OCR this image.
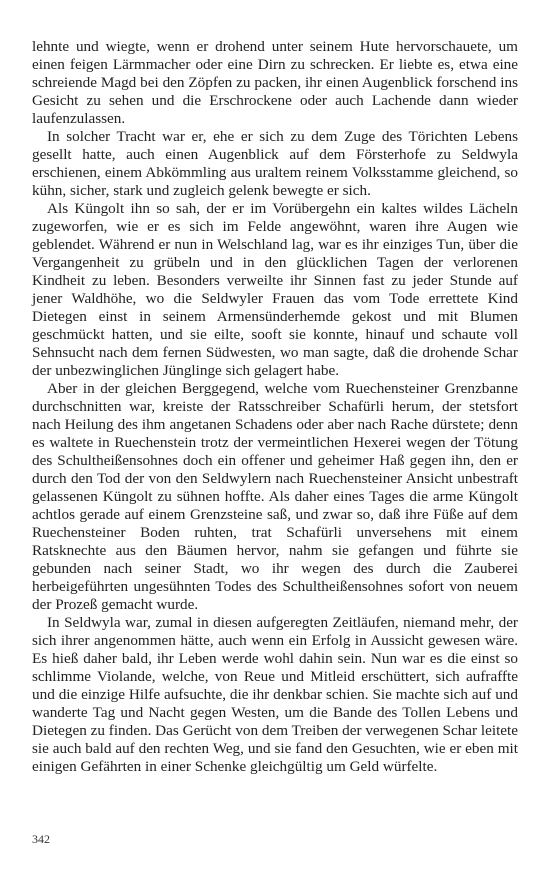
lehnte und wiegte, wenn er drohend unter seinem Hute hervorschauete, um einen feigen Lärmmacher oder eine Dirn zu schrecken. Er liebte es, etwa eine schreiende Magd bei den Zöpfen zu packen, ihr einen Augenblick forschend ins Gesicht zu sehen und die Erschrockene oder auch Lachende dann wieder laufenzulassen.

In solcher Tracht war er, ehe er sich zu dem Zuge des Törichten Lebens gesellt hatte, auch einen Augenblick auf dem Försterhofe zu Seldwyla erschienen, einem Abkömmling aus uraltem reinem Volksstamme gleichend, so kühn, sicher, stark und zugleich gelenk bewegte er sich.

Als Küngolt ihn so sah, der er im Vorübergehn ein kaltes wildes Lächeln zugeworfen, wie er es sich im Felde angewöhnt, waren ihre Augen wie geblendet. Während er nun in Welschland lag, war es ihr einziges Tun, über die Vergangenheit zu grübeln und in den glücklichen Tagen der verlorenen Kindheit zu leben. Besonders verweilte ihr Sinnen fast zu jeder Stunde auf jener Waldhöhe, wo die Seldwyler Frauen das vom Tode errettete Kind Dietegen einst in seinem Armensünderhemde gekost und mit Blumen geschmückt hatten, und sie eilte, sooft sie konnte, hinauf und schaute voll Sehnsucht nach dem fernen Südwesten, wo man sagte, daß die drohende Schar der unbezwinglichen Jünglinge sich gelagert habe.

Aber in der gleichen Berggegend, welche vom Ruechensteiner Grenzbanne durchschnitten war, kreiste der Ratsschreiber Schafürli herum, der stetsfort nach Heilung des ihm angetanen Schadens oder aber nach Rache dürstete; denn es waltete in Ruechenstein trotz der vermeintlichen Hexerei wegen der Tötung des Schultheißensohnes doch ein offener und geheimer Haß gegen ihn, den er durch den Tod der von den Seldwylern nach Ruechensteiner Ansicht unbestraft gelassenen Küngolt zu sühnen hoffte. Als daher eines Tages die arme Küngolt achtlos gerade auf einem Grenzsteine saß, und zwar so, daß ihre Füße auf dem Ruechensteiner Boden ruhten, trat Schafürli unversehens mit einem Ratsknechte aus den Bäumen hervor, nahm sie gefangen und führte sie gebunden nach seiner Stadt, wo ihr wegen des durch die Zauberei herbeigeführten ungesühnten Todes des Schultheißensohnes sofort von neuem der Prozeß gemacht wurde.

In Seldwyla war, zumal in diesen aufgeregten Zeitläufen, niemand mehr, der sich ihrer angenommen hätte, auch wenn ein Erfolg in Aussicht gewesen wäre. Es hieß daher bald, ihr Leben werde wohl dahin sein. Nun war es die einst so schlimme Violande, welche, von Reue und Mitleid erschüttert, sich aufraffte und die einzige Hilfe aufsuchte, die ihr denkbar schien. Sie machte sich auf und wanderte Tag und Nacht gegen Westen, um die Bande des Tollen Lebens und Dietegen zu finden. Das Gerücht von dem Treiben der verwegenen Schar leitete sie auch bald auf den rechten Weg, und sie fand den Gesuchten, wie er eben mit einigen Gefährten in einer Schenke gleichgültig um Geld würfelte.

342
